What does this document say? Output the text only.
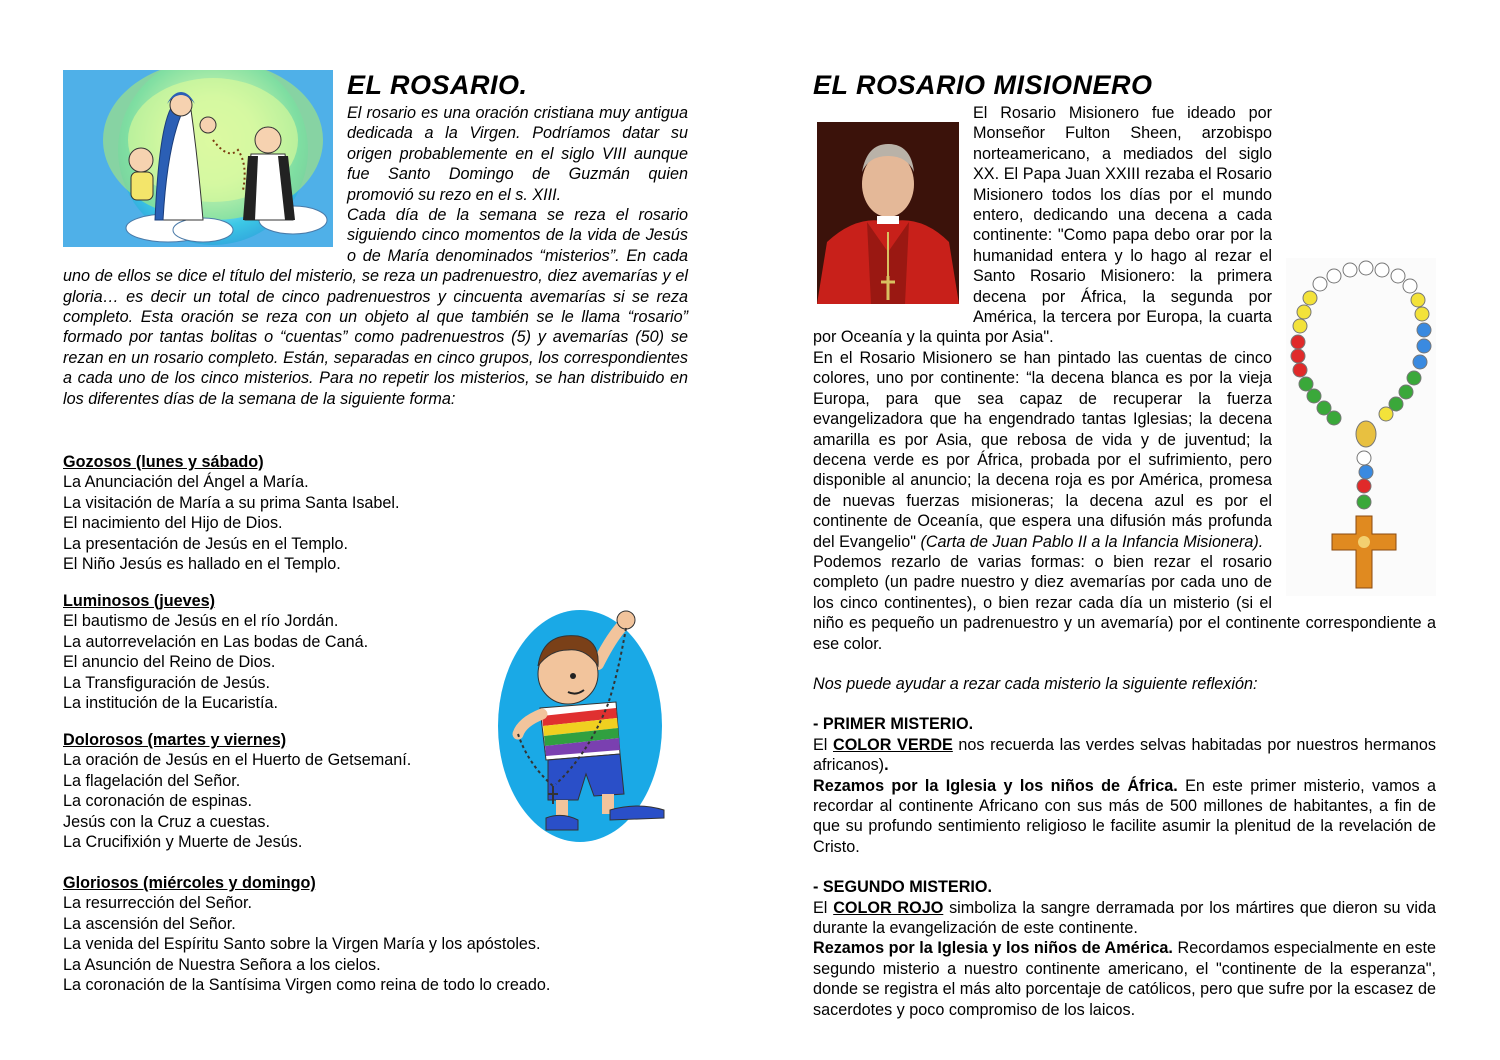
EL ROSARIO.

El rosario es una oración cristiana muy antigua dedicada a la Virgen. Podríamos datar su origen probablemente en el siglo VIII aunque fue Santo Domingo de Guzmán quien promovió su rezo en el s. XIII.

Cada día de la semana se reza el rosario siguiendo cinco momentos de la vida de Jesús o de María denominados “misterios”. En cada uno de ellos se dice el título del misterio, se reza un padrenuestro, diez avemarías y el gloria… es decir un total de cinco padrenuestros y cincuenta avemarías si se reza completo. Esta oración se reza con un objeto al que también se le llama “rosario” formado por tantas bolitas o “cuentas” como padrenuestros (5) y avemarías (50) se rezan en un rosario completo. Están, separadas en cinco grupos, los correspondientes a cada uno de los cinco misterios. Para no repetir los misterios, se han distribuido en los diferentes días de la semana de la siguiente forma:

Gozosos (lunes y sábado)
La Anunciación del Ángel a María.
La visitación de María a su prima Santa Isabel.
El nacimiento del Hijo de Dios.
La presentación de Jesús en el Templo.
El Niño Jesús es hallado en el Templo.
Luminosos (jueves)
El bautismo de Jesús en el río Jordán.
La autorrevelación en Las bodas de Caná.
El anuncio del Reino de Dios.
La Transfiguración de Jesús.
La institución de la Eucaristía.
Dolorosos (martes y viernes)
La oración de Jesús en el Huerto de Getsemaní.
La flagelación del Señor.
La coronación de espinas.
Jesús con la Cruz a cuestas.
La Crucifixión y Muerte de Jesús.
Gloriosos (miércoles y domingo)
La resurrección del Señor.
La ascensión del Señor.
La venida del Espíritu Santo sobre la Virgen María y los apóstoles.
La Asunción de Nuestra Señora a los cielos.
La coronación de la Santísima Virgen como reina de todo lo creado.
EL ROSARIO MISIONERO

El Rosario Misionero fue ideado por Monseñor Fulton Sheen, arzobispo norteamericano, a mediados del siglo XX. El Papa Juan XXIII rezaba el Rosario Misionero todos los días por el mundo entero, dedicando una decena a cada continente: "Como papa debo orar por la humanidad entera y lo hago al rezar el Santo Rosario Misionero: la primera decena por África, la segunda por América, la tercera por Europa, la cuarta por Oceanía y la quinta por Asia".

En el Rosario Misionero se han pintado las cuentas de cinco colores, uno por continente: “la decena blanca es por la vieja Europa, para que sea capaz de recuperar la fuerza evangelizadora que ha engendrado tantas Iglesias; la decena amarilla es por Asia, que rebosa de vida y de juventud; la decena verde es por África, probada por el sufrimiento, pero disponible al anuncio; la decena roja es por América, promesa de nuevas fuerzas misioneras; la decena azul es por el continente de Oceanía, que espera una difusión más profunda del Evangelio" (Carta de Juan Pablo II a la Infancia Misionera).

Podemos rezarlo de varias formas: o bien rezar el rosario completo (un padre nuestro y diez avemarías por cada uno de los cinco continentes), o bien rezar cada día un misterio (si el niño es pequeño un padrenuestro y un avemaría) por el continente correspondiente a ese color.

Nos puede ayudar a rezar cada misterio la siguiente reflexión:

- PRIMER MISTERIO.
El COLOR VERDE nos recuerda las verdes selvas habitadas por nuestros hermanos africanos).
Rezamos por la Iglesia y los niños de África. En este primer misterio, vamos a recordar al continente Africano con sus más de 500 millones de habitantes, a fin de que su profundo sentimiento religioso le facilite asumir la plenitud de la revelación de Cristo.
- SEGUNDO MISTERIO.
El COLOR ROJO simboliza la sangre derramada por los mártires que dieron su vida durante la evangelización de este continente.
Rezamos por la Iglesia y los niños de América. Recordamos especialmente en este segundo misterio a nuestro continente americano, el "continente de la esperanza", donde se registra el más alto porcentaje de católicos, pero que sufre por la escasez de sacerdotes y poco compromiso de los laicos.
